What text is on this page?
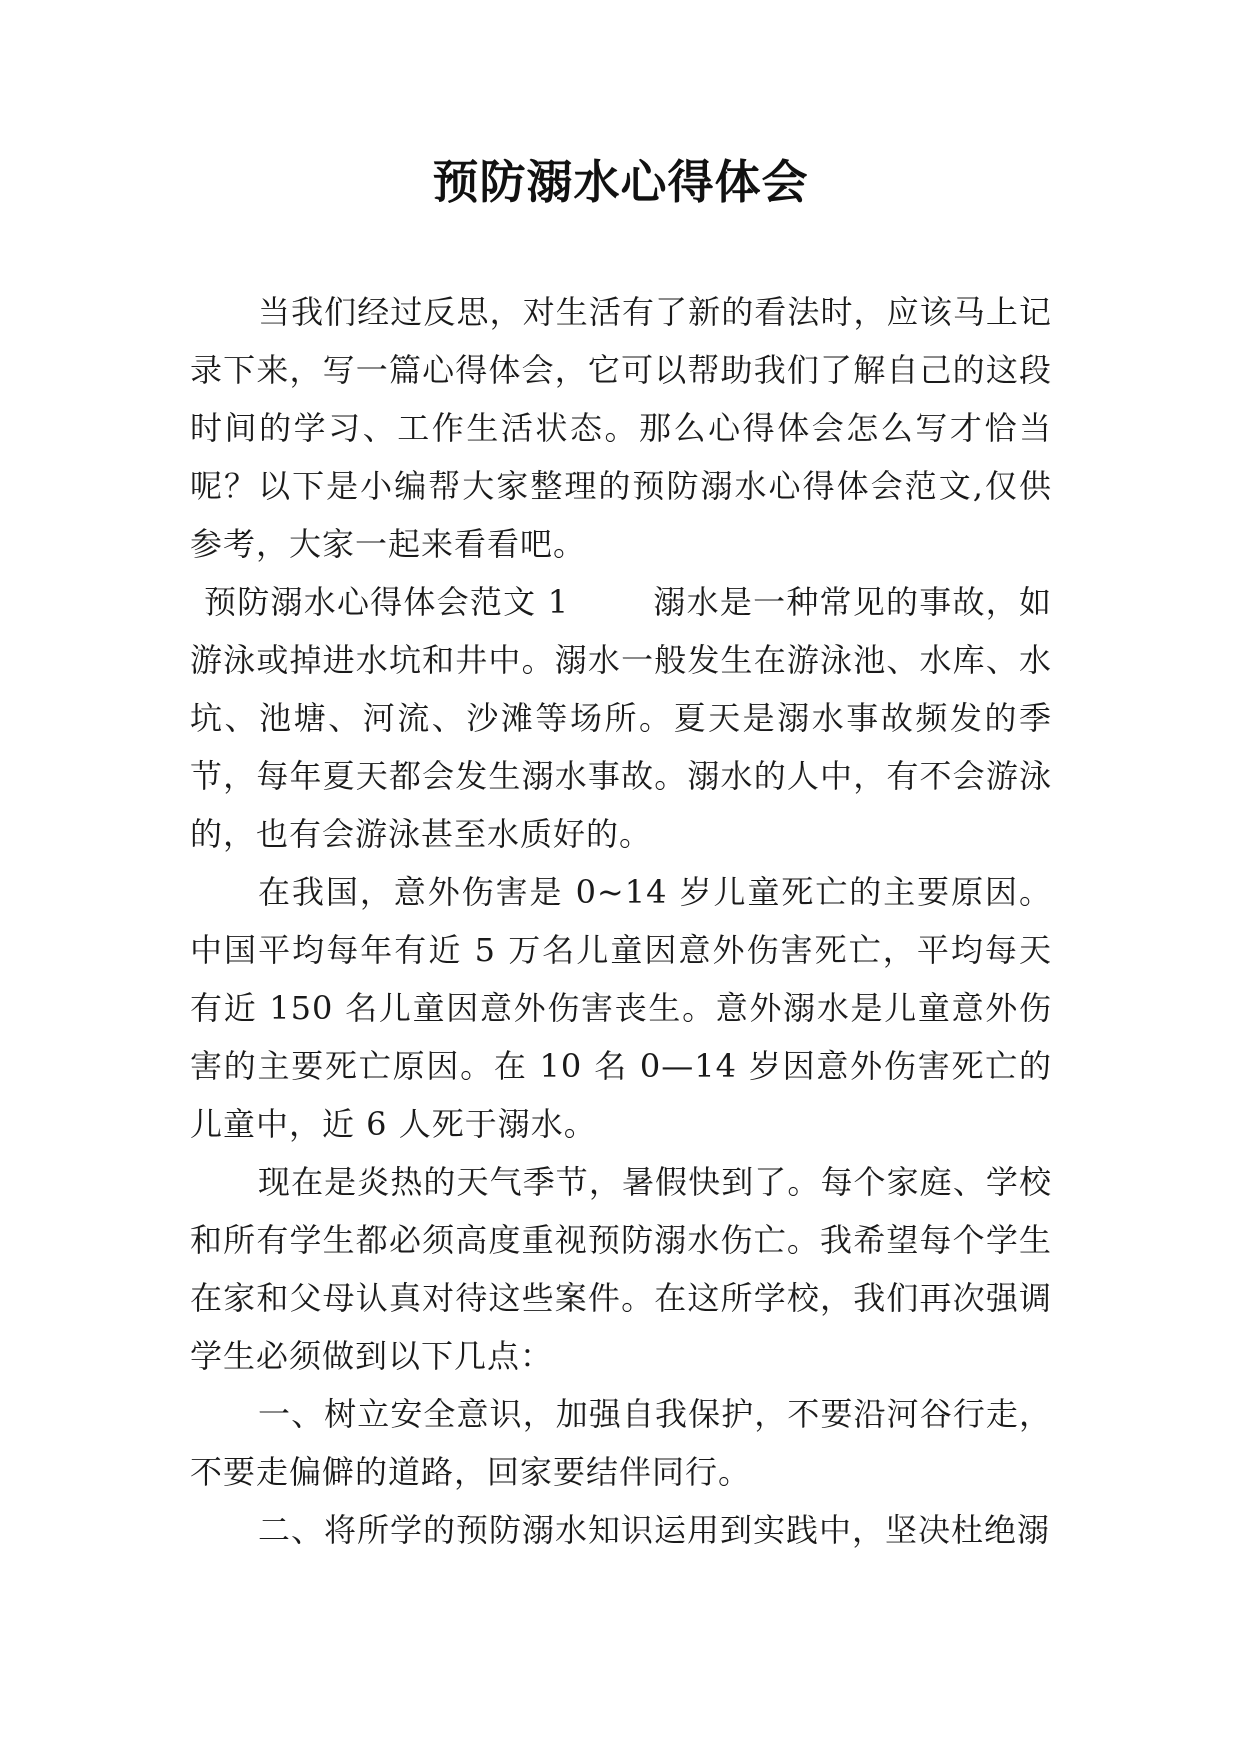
预防溺水心得体会

当我们经过反思，对生活有了新的看法时，应该马上记录下来，写一篇心得体会，它可以帮助我们了解自己的这段时间的学习、工作生活状态。那么心得体会怎么写才恰当呢？以下是小编帮大家整理的预防溺水心得体会范文,仅供参考，大家一起来看看吧。

预防溺水心得体会范文 1	溺水是一种常见的事故，如游泳或掉进水坑和井中。溺水一般发生在游泳池、水库、水坑、池塘、河流、沙滩等场所。夏天是溺水事故频发的季节，每年夏天都会发生溺水事故。溺水的人中，有不会游泳的，也有会游泳甚至水质好的。

在我国，意外伤害是 0~14 岁儿童死亡的主要原因。中国平均每年有近 5 万名儿童因意外伤害死亡，平均每天有近 150 名儿童因意外伤害丧生。意外溺水是儿童意外伤害的主要死亡原因。在 10 名 0—14 岁因意外伤害死亡的儿童中，近 6 人死于溺水。

现在是炎热的天气季节，暑假快到了。每个家庭、学校和所有学生都必须高度重视预防溺水伤亡。我希望每个学生在家和父母认真对待这些案件。在这所学校，我们再次强调学生必须做到以下几点：

一、树立安全意识，加强自我保护，不要沿河谷行走，不要走偏僻的道路，回家要结伴同行。

二、将所学的预防溺水知识运用到实践中，坚决杜绝溺
